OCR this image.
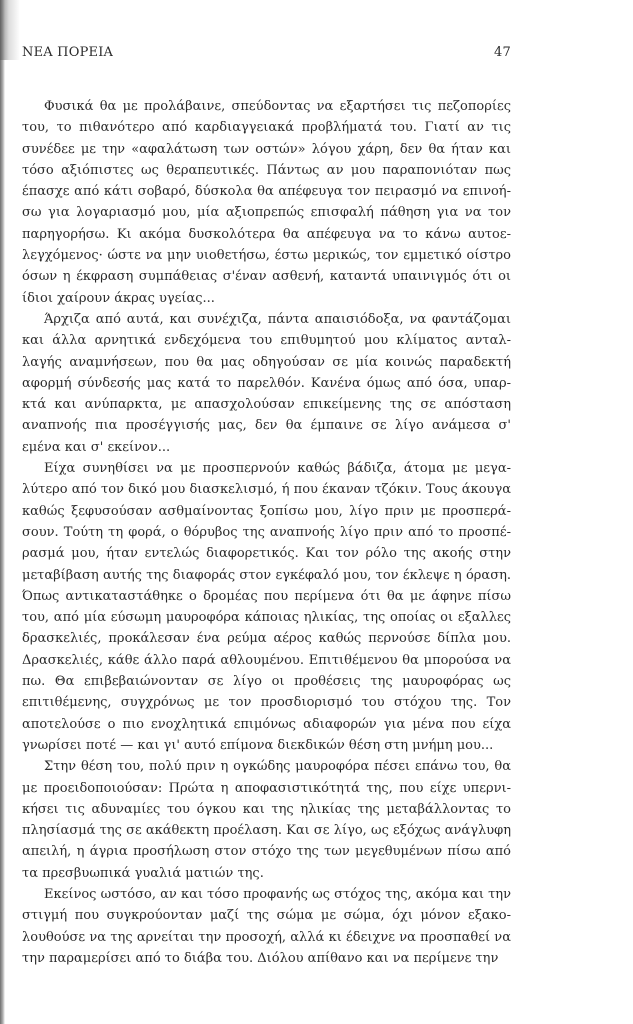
ΝΕΑ ΠΟΡΕΙΑ	47

Φυσικά θα με προλάβαινε, σπεύδοντας να εξαρτήσει τις πεζοπορίες του, το πιθανότερο από καρδιαγγειακά προβλήματά του. Γιατί αν τις συνέδεε με την «αφαλάτωση των οστών» λόγου χάρη, δεν θα ήταν και τόσο αξιόπιστες ως θεραπευτικές. Πάντως αν μου παραπονιόταν πως έπασχε από κάτι σοβαρό, δύσκολα θα απέφευγα τον πειρασμό να επινοήσω για λογαριασμό μου, μία αξιοπρεπώς επισφαλή πάθηση για να τον παρηγορήσω. Κι ακόμα δυσκολότερα θα απέφευγα να το κάνω αυτοελεγχόμενος· ώστε να μην υιοθετήσω, έστω μερικώς, τον εμμετικό οίστρο όσων η έκφραση συμπάθειας σ'έναν ασθενή, καταντά υπαινιγμός ότι οι ίδιοι χαίρουν άκρας υγείας...

Άρχιζα από αυτά, και συνέχιζα, πάντα απαισιόδοξα, να φαντάζομαι και άλλα αρνητικά ενδεχόμενα του επιθυμητού μου κλίματος ανταλλαγής αναμνήσεων, που θα μας οδηγούσαν σε μία κοινώς παραδεκτή αφορμή σύνδεσής μας κατά το παρελθόν. Κανένα όμως από όσα, υπαρκτά και ανύπαρκτα, με απασχολούσαν επικείμενης της σε απόσταση αναπνοής πια προσέγγισής μας, δεν θα έμπαινε σε λίγο ανάμεσα σ' εμένα και σ' εκείνον...

Είχα συνηθίσει να με προσπερνούν καθώς βάδιζα, άτομα με μεγαλύτερο από τον δικό μου διασκελισμό, ή που έκαναν τζόκιν. Τους άκουγα καθώς ξεφυσούσαν ασθμαίνοντας ξοπίσω μου, λίγο πριν με προσπεράσουν. Τούτη τη φορά, ο θόρυβος της αναπνοής λίγο πριν από το προσπέρασμά μου, ήταν εντελώς διαφορετικός. Και τον ρόλο της ακοής στην μεταβίβαση αυτής της διαφοράς στον εγκέφαλό μου, τον έκλεψε η όραση. Όπως αντικαταστάθηκε ο δρομέας που περίμενα ότι θα με άφηνε πίσω του, από μία εύσωμη μαυροφόρα κάποιας ηλικίας, της οποίας οι εξαλλες δρασκελιές, προκάλεσαν ένα ρεύμα αέρος καθώς περνούσε δίπλα μου. Δρασκελιές, κάθε άλλο παρά αθλουμένου. Επιτιθέμενου θα μπορούσα να πω. Θα επιβεβαιώνονταν σε λίγο οι προθέσεις της μαυροφόρας ως επιτιθέμενης, συγχρόνως με τον προσδιορισμό του στόχου της. Τον αποτελούσε ο πιο ενοχλητικά επιμόνως αδιαφορών για μένα που είχα γνωρίσει ποτέ — και γι' αυτό επίμονα διεκδικών θέση στη μνήμη μου...

Στην θέση του, πολύ πριν η ογκώδης μαυροφόρα πέσει επάνω του, θα με προειδοποιούσαν: Πρώτα η αποφασιστικότητά της, που είχε υπερνικήσει τις αδυναμίες του όγκου και της ηλικίας της μεταβάλλοντας το πλησίασμά της σε ακάθεκτη προέλαση. Και σε λίγο, ως εξόχως ανάγλυφη απειλή, η άγρια προσήλωση στον στόχο της των μεγεθυμένων πίσω από τα πρεσβυωπικά γυαλιά ματιών της.

Εκείνος ωστόσο, αν και τόσο προφανής ως στόχος της, ακόμα και την στιγμή που συγκρούονταν μαζί της σώμα με σώμα, όχι μόνον εξακολουθούσε να της αρνείται την προσοχή, αλλά κι έδειχνε να προσπαθεί να την παραμερίσει από το διάβα του. Διόλου απίθανο και να περίμενε την
